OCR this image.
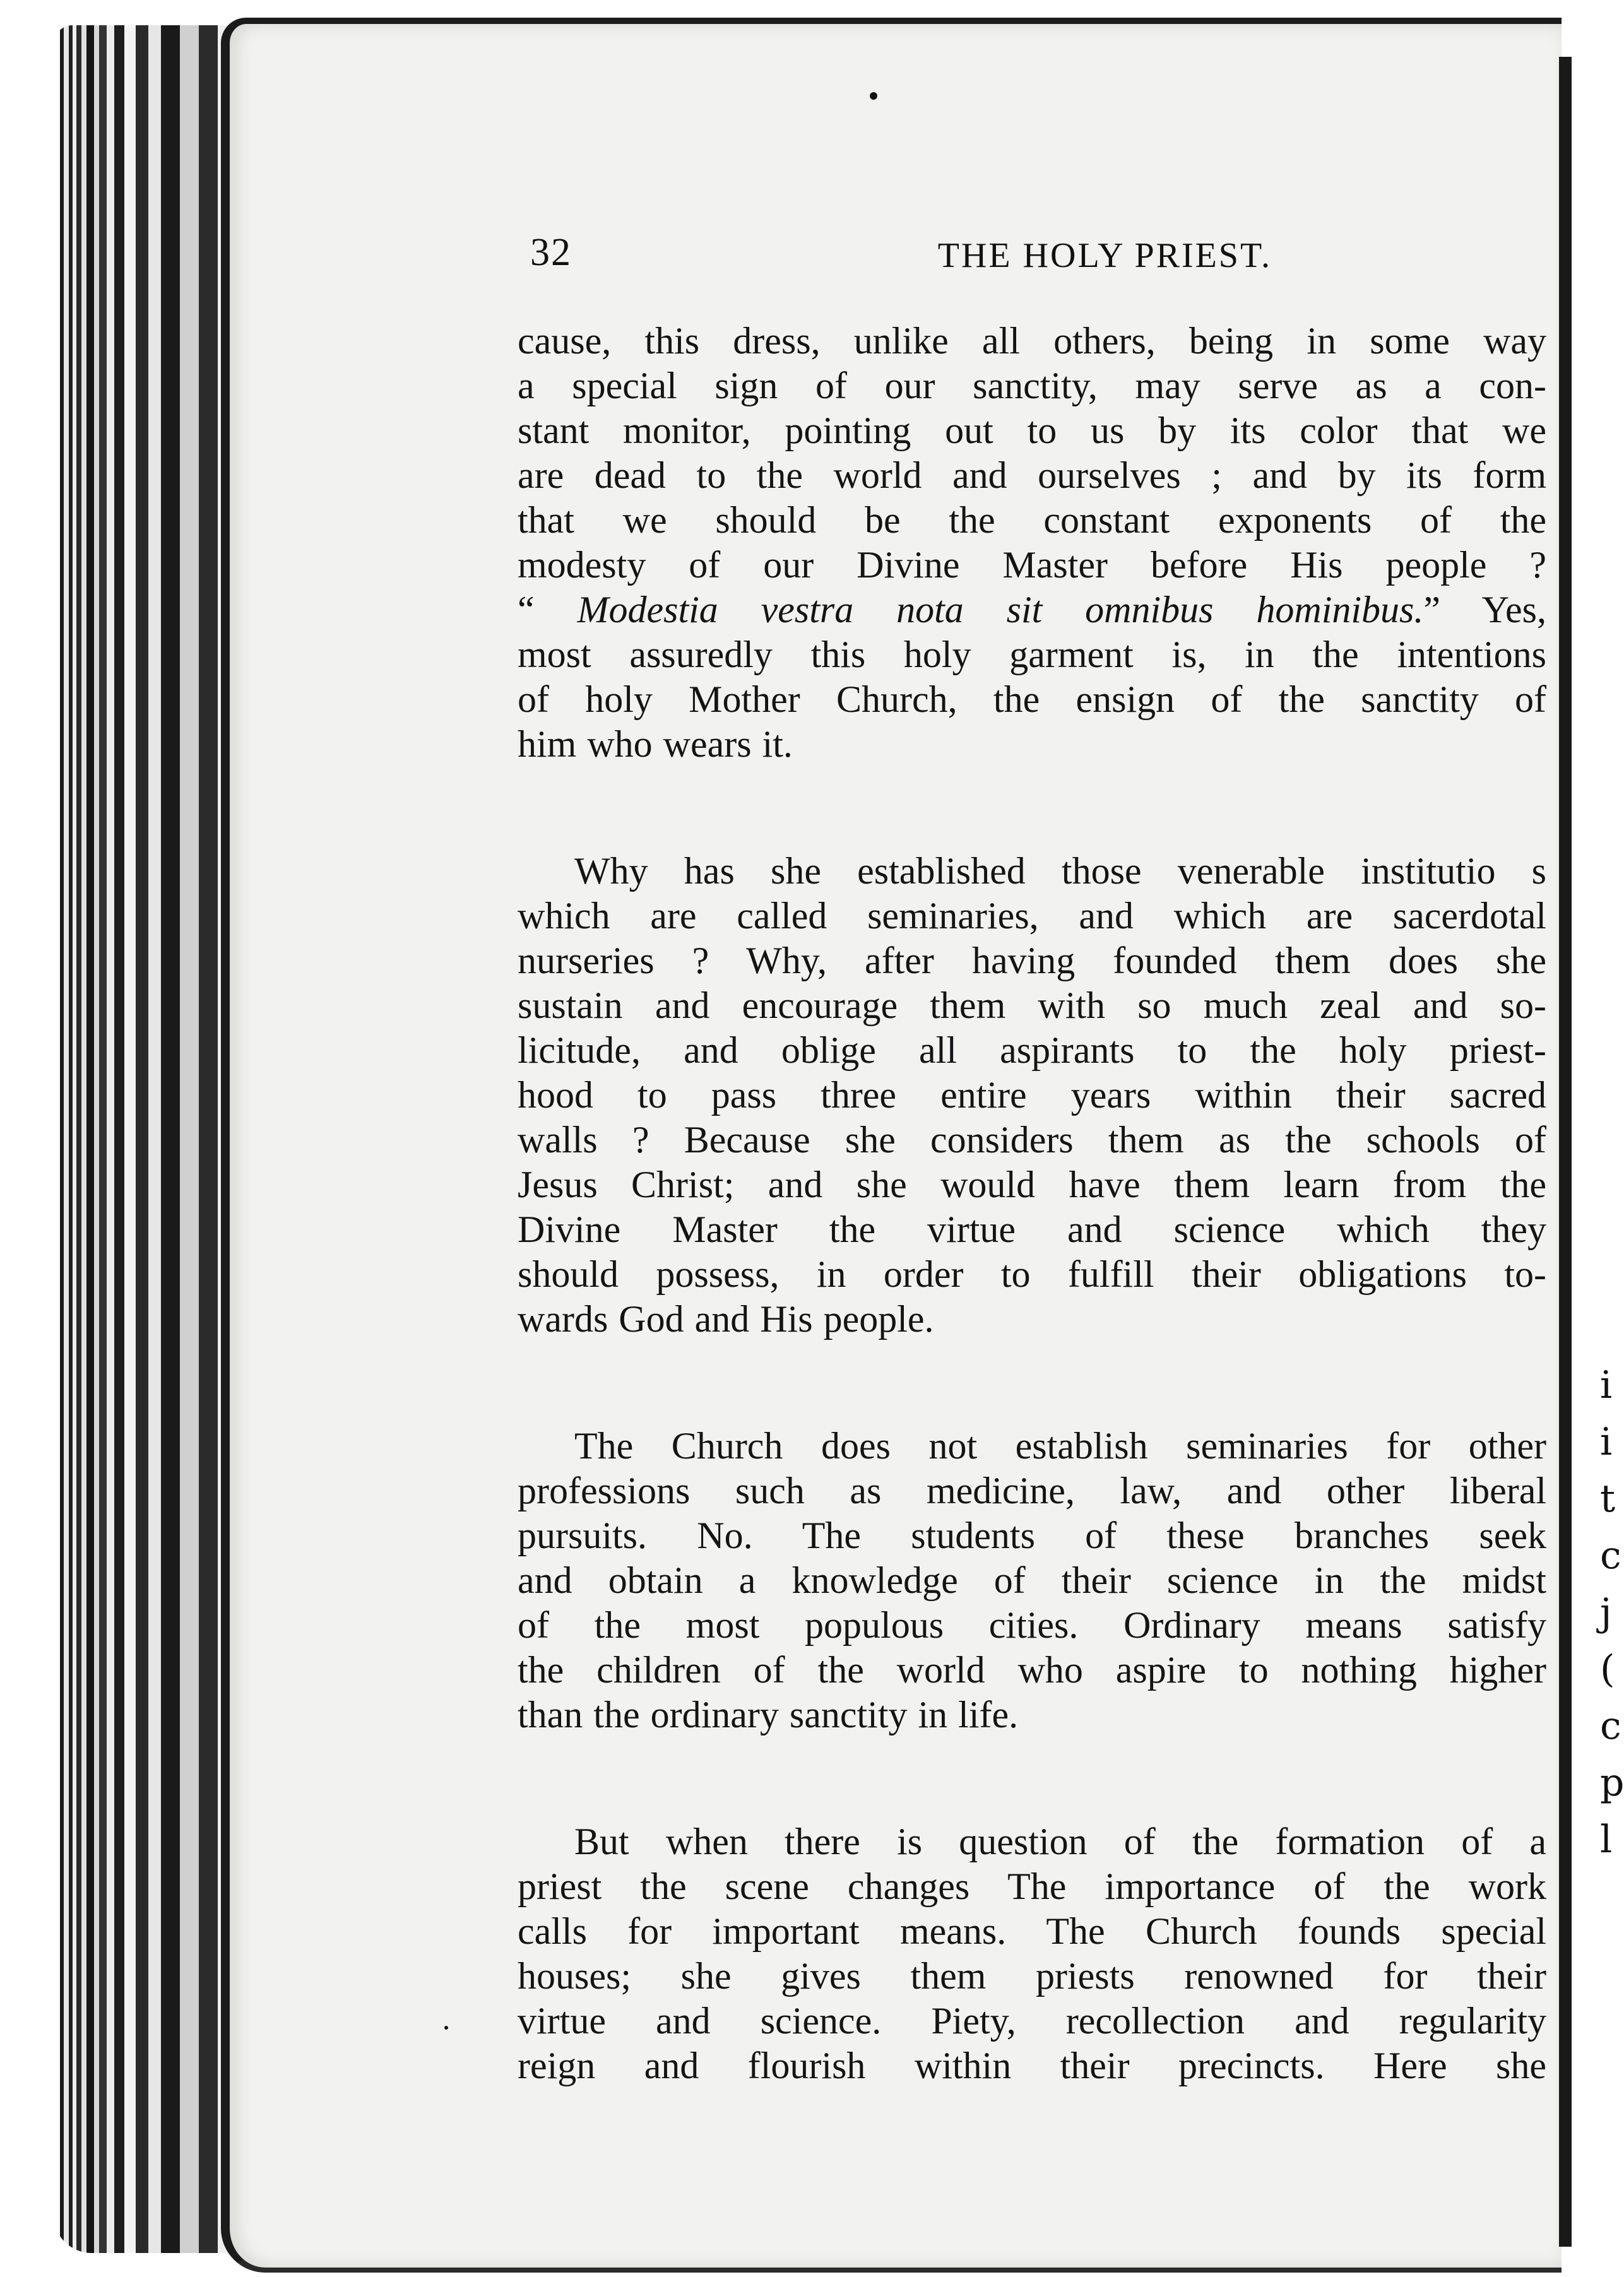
i
i
t
c
j
(
c
p
l
32	THE HOLY PRIEST.
cause, this dress, unlike all others, being in some way
a special sign of our sanctity, may serve as a con-
stant monitor, pointing out to us by its color that we
are dead to the world and ourselves ; and by its form
that we should be the constant exponents of the
modesty of our Divine Master before His people ?
“ Modestia vestra nota sit omnibus hominibus.” Yes,
most assuredly this holy garment is, in the intentions
of holy Mother Church, the ensign of the sanctity of
him who wears it.
Why has she established those venerable institutio s
which are called seminaries, and which are sacerdotal
nurseries ? Why, after having founded them does she
sustain and encourage them with so much zeal and so-
licitude, and oblige all aspirants to the holy priest-
hood to pass three entire years within their sacred
walls ? Because she considers them as the schools of
Jesus Christ; and she would have them learn from the
Divine Master the virtue and science which they
should possess, in order to fulfill their obligations to-
wards God and His people.
The Church does not establish seminaries for other
professions such as medicine, law, and other liberal
pursuits. No. The students of these branches seek
and obtain a knowledge of their science in the midst
of the most populous cities. Ordinary means satisfy
the children of the world who aspire to nothing higher
than the ordinary sanctity in life.
But when there is question of the formation of a
priest the scene changes The importance of the work
calls for important means. The Church founds special
houses; she gives them priests renowned for their
virtue and science. Piety, recollection and regularity
reign and flourish within their precincts. Here she
